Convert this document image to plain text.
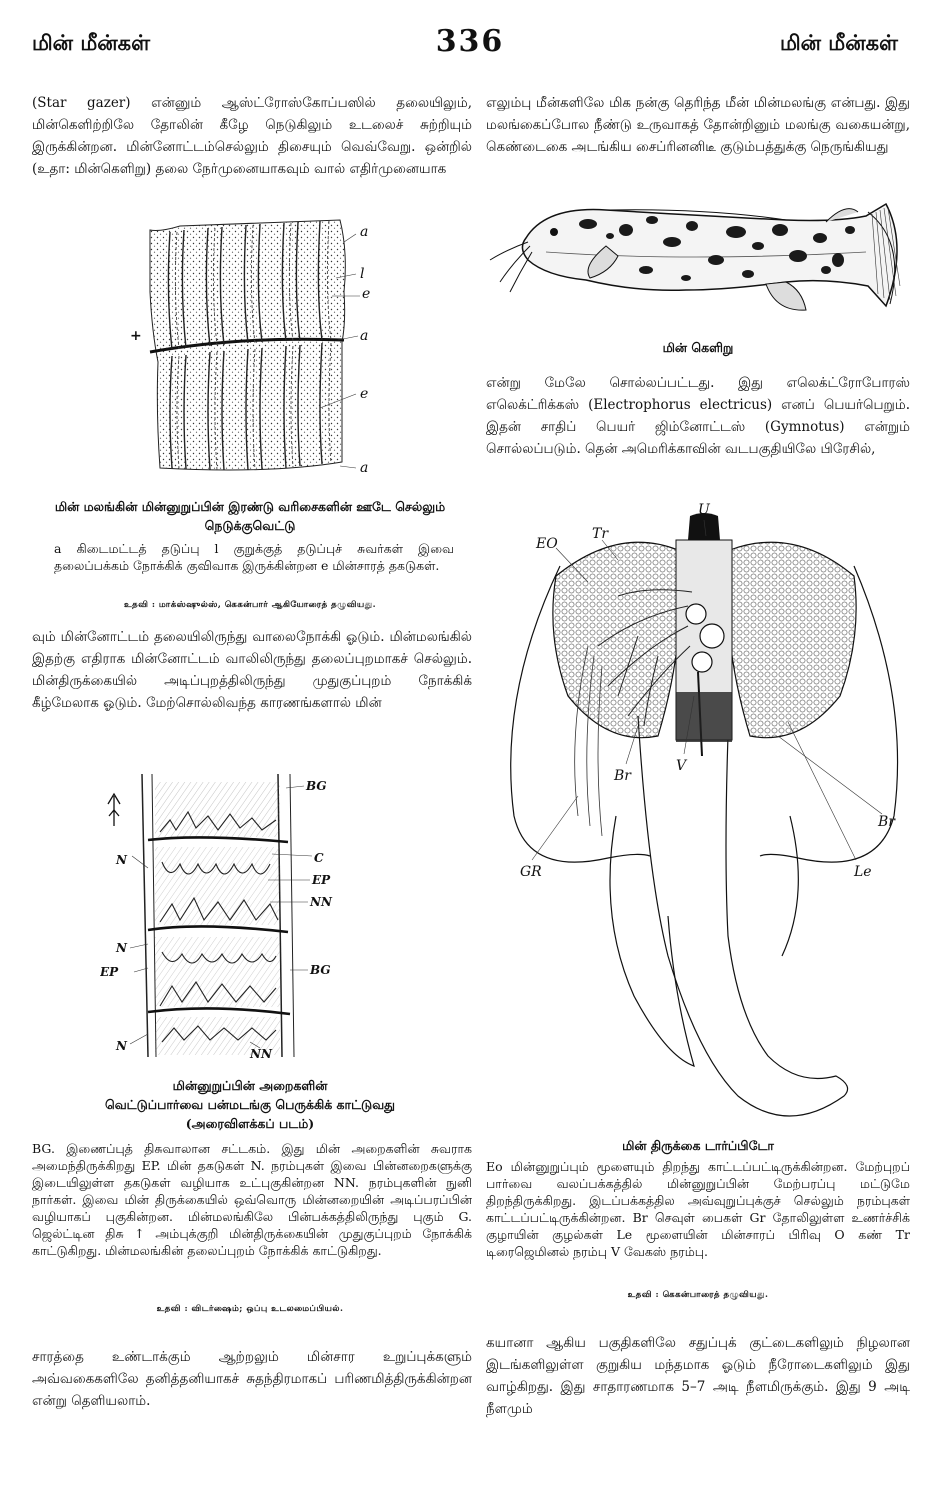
மின் மீன்கள்	336	மின் மீன்கள்
(Star gazer) என்னும் ஆஸ்ட்ரோஸ்கோப்பஸில் தலையிலும், மின்கெளிற்றிலே தோலின் கீழே நெடுகிலும் உடலைச் சுற்றியும் இருக்கின்றன. மின்னோட்டம்செல்லும் திசையும் வெவ்வேறு. ஒன்றில் (உதா: மின்கெளிறு) தலை நேர்முனையாகவும் வால் எதிர்முனையாக
a
l
e
a
e
a
+
மின் மலங்கின் மின்னுறுப்பின் இரண்டு வரிசைகளின் ஊடே செல்லும் நெடுக்குவெட்டு
a கிடைமட்டத் தடுப்பு l குறுக்குத் தடுப்புச் சுவர்கள் இவை தலைப்பக்கம் நோக்கிக் குவிவாக இருக்கின்றன e மின்சாரத் தகடுகள்.
உதவி : மாக்ஸ்ஷுல்ஸ், கெகன்பார் ஆகியோரைத் தழுவியது.
வும் மின்னோட்டம் தலையிலிருந்து வாலைநோக்கி ஓடும். மின்மலங்கில் இதற்கு எதிராக மின்னோட்டம் வாலிலிருந்து தலைப்புறமாகச் செல்லும். மின்திருக்கையில் அடிப்புறத்திலிருந்து முதுகுப்புறம் நோக்கிக் கீழ்மேலாக ஓடும். மேற்சொல்லிவந்த காரணங்களால் மின்
BG
C
EP
NN
N
N
EP	BG
N
NN
மின்னுறுப்பின் அறைகளின்
வெட்டுப்பார்வை பன்மடங்கு பெருக்கிக் காட்டுவது
(அரைவிளக்கப் படம்)
BG. இணைப்புத் திசுவாலான சட்டகம். இது மின் அறைகளின் சுவராக அமைந்திருக்கிறது EP. மின் தகடுகள் N. நரம்புகள் இவை பின்னறைகளுக்கு இடையிலுள்ள தகடுகள் வழியாக உட்புகுகின்றன NN. நரம்புகளின் நுனி நார்கள். இவை மின் திருக்கையில் ஒவ்வொரு மின்னறையின் அடிப்பரப்பின் வழியாகப் புகுகின்றன. மின்மலங்கிலே பின்பக்கத்திலிருந்து புகும் G. ஜெல்ட்டின திசு ↑ அம்புக்குறி மின்திருக்கையின் முதுகுப்புறம் நோக்கிக் காட்டுகிறது. மின்மலங்கின் தலைப்புறம் நோக்கிக் காட்டுகிறது.
உதவி : விடர்ஷைம்; ஒப்பு உடலமைப்பியல்.
சாரத்தை உண்டாக்கும் ஆற்றலும் மின்சார உறுப்புக்களும் அவ்வகைகளிலே தனித்தனியாகச் சுதந்திரமாகப் பரிணமித்திருக்கின்றன என்று தெளியலாம்.
எலும்பு மீன்களிலே மிக நன்கு தெரிந்த மீன் மின்மலங்கு என்பது. இது மலங்கைப்போல நீண்டு உருவாகத் தோன்றினும் மலங்கு வகையன்று, கெண்டைகை அடங்கிய சைப்ரினனிடீ குடும்பத்துக்கு நெருங்கியது
மின் கெளிறு
என்று மேலே சொல்லப்பட்டது. இது எலெக்ட்ரோபோரஸ் எலெக்ட்ரிக்கஸ் (Electrophorus electricus) எனப் பெயர்பெறும். இதன் சாதிப் பெயர் ஜிம்னோட்டஸ் (Gymnotus) என்றும் சொல்லப்படும். தென் அமெரிக்காவின் வடபகுதியிலே பிரேசில்,
EO
Tr
U
Br
V
Br
GR	Le
மின் திருக்கை டார்ப்பிடோ
Eo மின்னுறுப்பும் மூளையும் திறந்து காட்டப்பட்டிருக்கின்றன. மேற்புறப் பார்வை வலப்பக்கத்தில் மின்னுறுப்பின் மேற்பரப்பு மட்டுமே திறந்திருக்கிறது. இடப்பக்கத்தில அவ்வுறுப்புக்குச் செல்லும் நரம்புகள் காட்டப்பட்டிருக்கின்றன. Br செவுள் பைகள் Gr தோலிலுள்ள உணர்ச்சிக் குழாயின் குழல்கள் Le மூளையின் மின்சாரப் பிரிவு O கண் Tr டிரைஜெமினல் நரம்பு V வேகஸ் நரம்பு.
உதவி : கெகன்பாரைத் தழுவியது.
கயானா ஆகிய பகுதிகளிலே சதுப்புக் குட்டைகளிலும் நிழலான இடங்களிலுள்ள குறுகிய மந்தமாக ஓடும் நீரோடைகளிலும் இது வாழ்கிறது. இது சாதாரணமாக 5–7 அடி நீளமிருக்கும். இது 9 அடி நீளமும்
